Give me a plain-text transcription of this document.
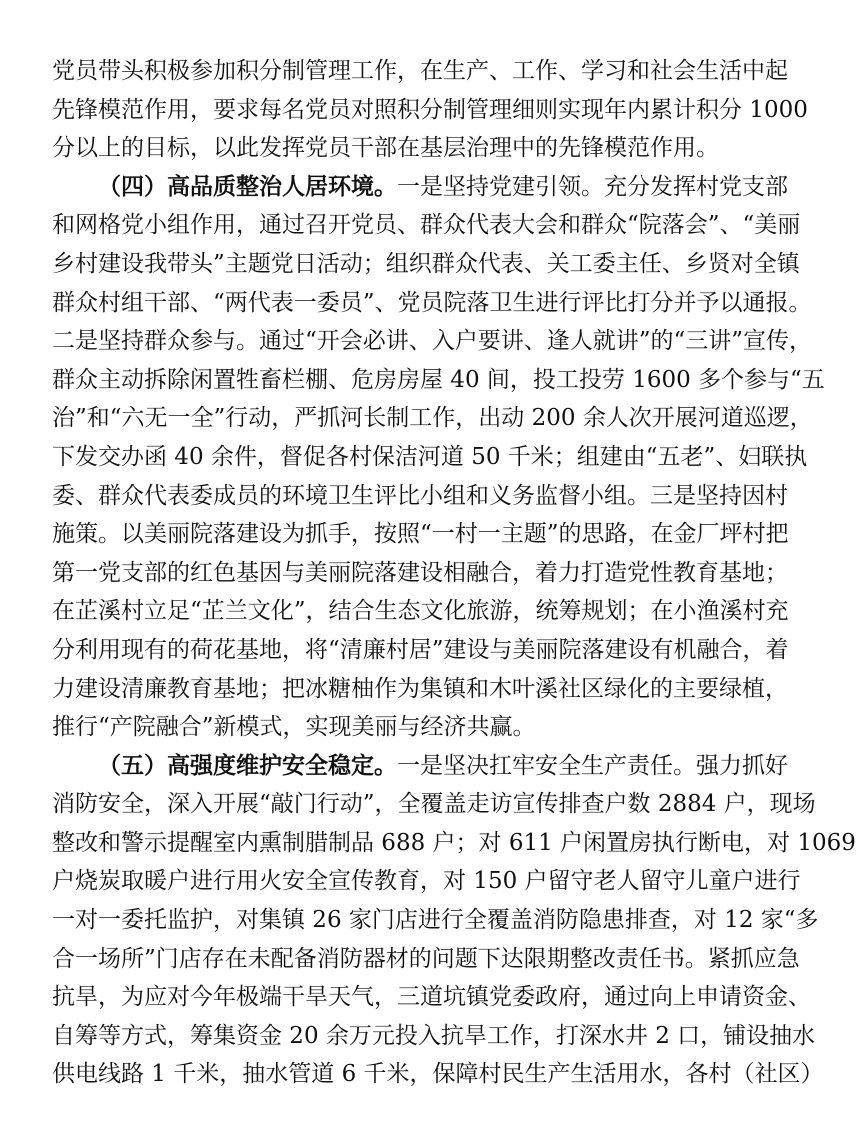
党员带头积极参加积分制管理工作，在生产、工作、学习和社会生活中起
先锋模范作用，要求每名党员对照积分制管理细则实现年内累计积分 1000
分以上的目标，以此发挥党员干部在基层治理中的先锋模范作用。
（四）高品质整治人居环境。一是坚持党建引领。充分发挥村党支部
和网格党小组作用，通过召开党员、群众代表大会和群众“院落会”、“美丽
乡村建设我带头”主题党日活动；组织群众代表、关工委主任、乡贤对全镇
群众村组干部、“两代表一委员”、党员院落卫生进行评比打分并予以通报。
二是坚持群众参与。通过“开会必讲、入户要讲、逢人就讲”的“三讲”宣传，
群众主动拆除闲置牲畜栏棚、危房房屋 40 间，投工投劳 1600 多个参与“五
治”和“六无一全”行动，严抓河长制工作，出动 200 余人次开展河道巡逻，
下发交办函 40 余件，督促各村保洁河道 50 千米；组建由“五老”、妇联执
委、群众代表委成员的环境卫生评比小组和义务监督小组。三是坚持因村
施策。以美丽院落建设为抓手，按照“一村一主题”的思路，在金厂坪村把
第一党支部的红色基因与美丽院落建设相融合，着力打造党性教育基地；
在芷溪村立足“芷兰文化”，结合生态文化旅游，统筹规划；在小渔溪村充
分利用现有的荷花基地，将“清廉村居”建设与美丽院落建设有机融合，着
力建设清廉教育基地；把冰糖柚作为集镇和木叶溪社区绿化的主要绿植，
推行“产院融合”新模式，实现美丽与经济共赢。
（五）高强度维护安全稳定。一是坚决扛牢安全生产责任。强力抓好
消防安全，深入开展“敲门行动”，全覆盖走访宣传排查户数 2884 户，现场
整改和警示提醒室内熏制腊制品 688 户；对 611 户闲置房执行断电，对 1069
户烧炭取暖户进行用火安全宣传教育，对 150 户留守老人留守儿童户进行
一对一委托监护，对集镇 26 家门店进行全覆盖消防隐患排查，对 12 家“多
合一场所”门店存在未配备消防器材的问题下达限期整改责任书。紧抓应急
抗旱，为应对今年极端干旱天气，三道坑镇党委政府，通过向上申请资金、
自筹等方式，筹集资金 20 余万元投入抗旱工作，打深水井 2 口，铺设抽水
供电线路 1 千米，抽水管道 6 千米，保障村民生产生活用水，各村（社区）
